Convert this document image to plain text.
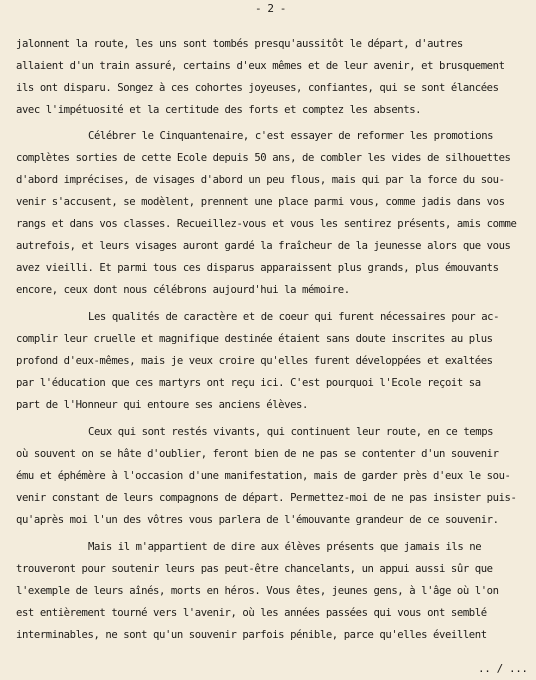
- 2 -
jalonnent la route, les uns sont tombés presqu'aussitôt le départ, d'autres
allaient d'un train assuré, certains d'eux mêmes et de leur avenir, et brusquement
ils ont disparu. Songez à ces cohortes joyeuses, confiantes, qui se sont élancées
avec l'impétuosité et la certitude des forts et comptez les absents.
Célébrer le Cinquantenaire, c'est essayer de reformer les promotions
complètes sorties de cette Ecole depuis 50 ans, de combler les vides de silhouettes
d'abord imprécises, de visages d'abord un peu flous, mais qui par la force du sou-
venir s'accusent, se modèlent, prennent une place parmi vous, comme jadis dans vos
rangs et dans vos classes. Recueillez-vous et vous les sentirez présents, amis comme
autrefois, et leurs visages auront gardé la fraîcheur de la jeunesse alors que vous
avez vieilli. Et parmi tous ces disparus apparaissent plus grands, plus émouvants
encore, ceux dont nous célébrons aujourd'hui la mémoire.
Les qualités de caractère et de coeur qui furent nécessaires pour ac-
complir leur cruelle et magnifique destinée étaient sans doute inscrites au plus
profond d'eux-mêmes, mais je veux croire qu'elles furent développées et exaltées
par l'éducation que ces martyrs ont reçu ici. C'est pourquoi l'Ecole reçoit sa
part de l'Honneur qui entoure ses anciens élèves.
Ceux qui sont restés vivants, qui continuent leur route, en ce temps
où souvent on se hâte d'oublier, feront bien de ne pas se contenter d'un souvenir
ému et éphémère à l'occasion d'une manifestation, mais de garder près d'eux le sou-
venir constant de leurs compagnons de départ. Permettez-moi de ne pas insister puis-
qu'après moi l'un des vôtres vous parlera de l'émouvante grandeur de ce souvenir.
Mais il m'appartient de dire aux élèves présents que jamais ils ne
trouveront pour soutenir leurs pas peut-être chancelants, un appui aussi sûr que
l'exemple de leurs aînés, morts en héros. Vous êtes, jeunes gens, à l'âge où l'on
est entièrement tourné vers l'avenir, où les années passées qui vous ont semblé
interminables, ne sont qu'un souvenir parfois pénible, parce qu'elles éveillent
.. / ...
